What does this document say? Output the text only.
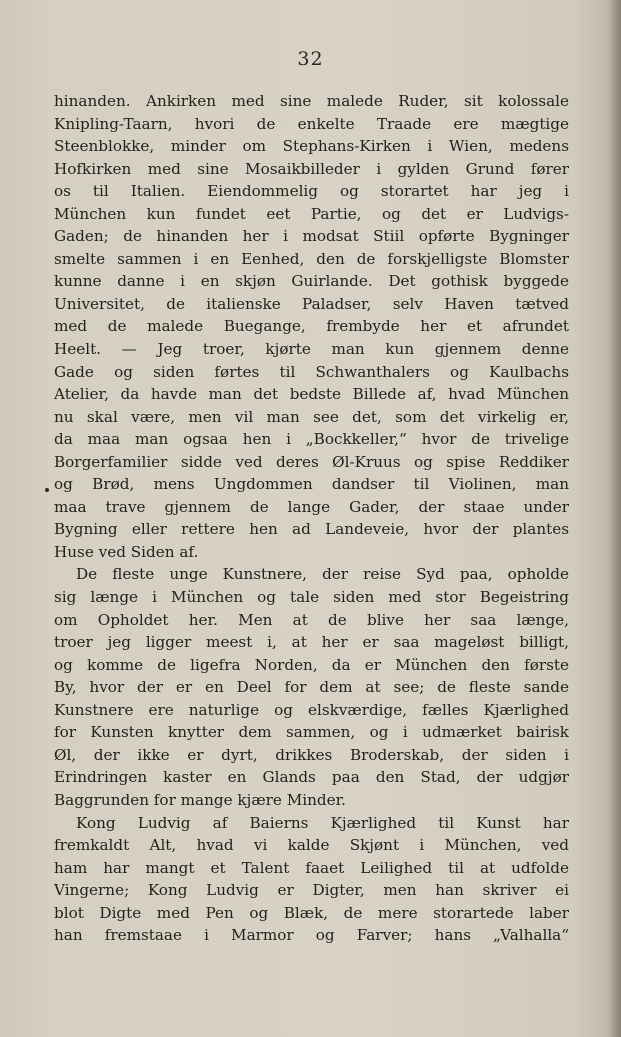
32
hinanden. Ankirken med sine malede Ruder, sit kolossale
Knipling-Taarn, hvori de enkelte Traade ere mægtige
Steenblokke, minder om Stephans-Kirken i Wien, medens
Hofkirken med sine Mosaikbilleder i gylden Grund fører
os til Italien. Eiendommelig og storartet har jeg i
München kun fundet eet Partie, og det er Ludvigs-
Gaden; de hinanden her i modsat Stiil opførte Bygninger
smelte sammen i en Eenhed, den de forskjelligste Blomster
kunne danne i en skjøn Guirlande. Det gothisk byggede
Universitet, de italienske Paladser, selv Haven tætved
med de malede Buegange, frembyde her et afrundet
Heelt. — Jeg troer, kjørte man kun gjennem denne
Gade og siden førtes til Schwanthalers og Kaulbachs
Atelier, da havde man det bedste Billede af, hvad München
nu skal være, men vil man see det, som det virkelig er,
da maa man ogsaa hen i „Bockkeller,“ hvor de trivelige
Borgerfamilier sidde ved deres Øl-Kruus og spise Reddiker
og Brød, mens Ungdommen dandser til Violinen, man
maa trave gjennem de lange Gader, der staae under
Bygning eller rettere hen ad Landeveie, hvor der plantes
Huse ved Siden af.
De fleste unge Kunstnere, der reise Syd paa, opholde
sig længe i München og tale siden med stor Begeistring
om Opholdet her. Men at de blive her saa længe,
troer jeg ligger meest i, at her er saa mageløst billigt,
og komme de ligefra Norden, da er München den første
By, hvor der er en Deel for dem at see; de fleste sande
Kunstnere ere naturlige og elskværdige, fælles Kjærlighed
for Kunsten knytter dem sammen, og i udmærket bairisk
Øl, der ikke er dyrt, drikkes Broderskab, der siden i
Erindringen kaster en Glands paa den Stad, der udgjør
Baggrunden for mange kjære Minder.
Kong Ludvig af Baierns Kjærlighed til Kunst har
fremkaldt Alt, hvad vi kalde Skjønt i München, ved
ham har mangt et Talent faaet Leilighed til at udfolde
Vingerne; Kong Ludvig er Digter, men han skriver ei
blot Digte med Pen og Blæk, de mere storartede laber
han fremstaae i Marmor og Farver; hans „Valhalla“
